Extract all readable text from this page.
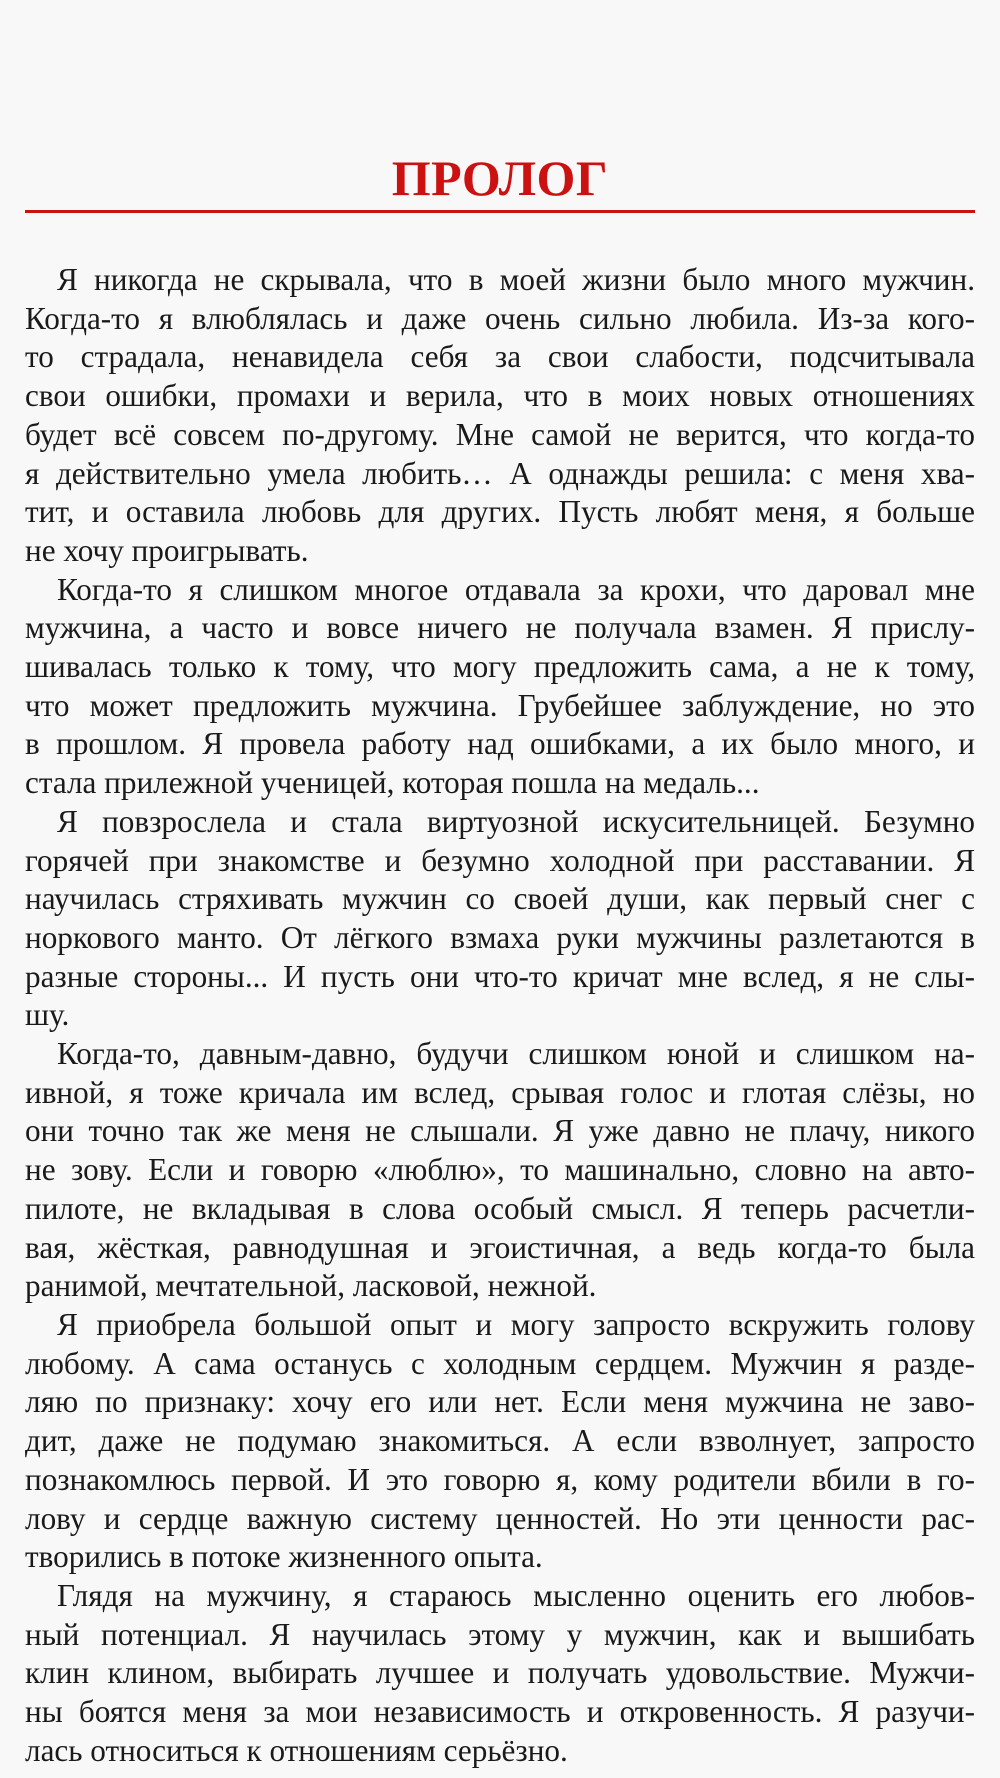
ПРОЛОГ
Я никогда не скрывала, что в моей жизни было много мужчин.
Когда-то я влюблялась и даже очень сильно любила. Из-за кого-
то страдала, ненавидела себя за свои слабости, подсчитывала
свои ошибки, промахи и верила, что в моих новых отношениях
будет всё совсем по-другому. Мне самой не верится, что когда-то
я действительно умела любить… А однажды решила: с меня хва-
тит, и оставила любовь для других. Пусть любят меня, я больше
не хочу проигрывать.
Когда-то я слишком многое отдавала за крохи, что даровал мне
мужчина, а часто и вовсе ничего не получала взамен. Я прислу-
шивалась только к тому, что могу предложить сама, а не к тому,
что может предложить мужчина. Грубейшее заблуждение, но это
в прошлом. Я провела работу над ошибками, а их было много, и
стала прилежной ученицей, которая пошла на медаль...
Я повзрослела и стала виртуозной искусительницей. Безумно
горячей при знакомстве и безумно холодной при расставании. Я
научилась стряхивать мужчин со своей души, как первый снег с
норкового манто. От лёгкого взмаха руки мужчины разлетаются в
разные стороны... И пусть они что-то кричат мне вслед, я не слы-
шу.
Когда-то, давным-давно, будучи слишком юной и слишком на-
ивной, я тоже кричала им вслед, срывая голос и глотая слёзы, но
они точно так же меня не слышали. Я уже давно не плачу, никого
не зову. Если и говорю «люблю», то машинально, словно на авто-
пилоте, не вкладывая в слова особый смысл. Я теперь расчетли-
вая, жёсткая, равнодушная и эгоистичная, а ведь когда-то была
ранимой, мечтательной, ласковой, нежной.
Я приобрела большой опыт и могу запросто вскружить голову
любому. А сама останусь с холодным сердцем. Мужчин я разде-
ляю по признаку: хочу его или нет. Если меня мужчина не заво-
дит, даже не подумаю знакомиться. А если взволнует, запросто
познакомлюсь первой. И это говорю я, кому родители вбили в го-
лову и сердце важную систему ценностей. Но эти ценности рас-
творились в потоке жизненного опыта.
Глядя на мужчину, я стараюсь мысленно оценить его любов-
ный потенциал. Я научилась этому у мужчин, как и вышибать
клин клином, выбирать лучшее и получать удовольствие. Мужчи-
ны боятся меня за мои независимость и откровенность. Я разучи-
лась относиться к отношениям серьёзно.
